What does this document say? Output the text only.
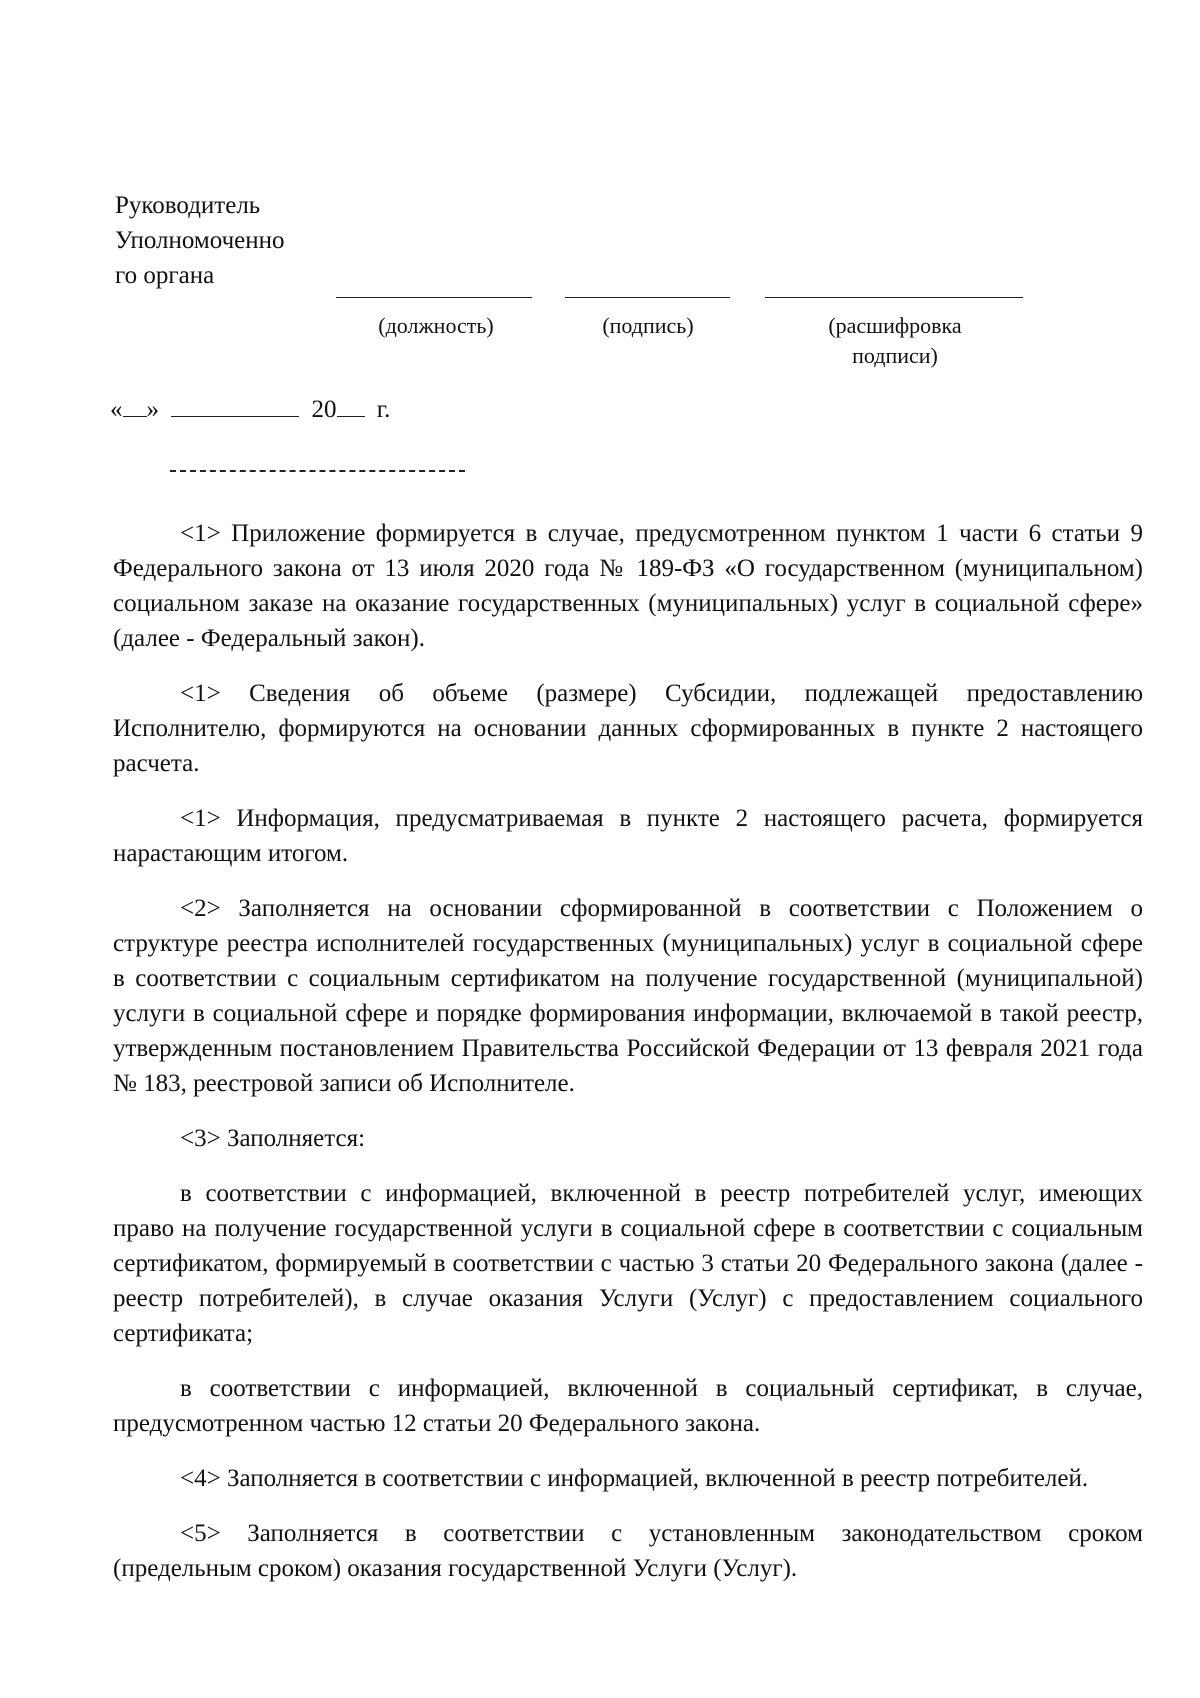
Руководитель
Уполномоченно
го органа
(должность)	(подпись)	(расшифровка
подписи)
« »	20 г.

<1> Приложение формируется в случае, предусмотренном пунктом 1 части 6 статьи 9 Федерального закона от 13 июля 2020 года № 189-ФЗ «О государственном (муниципальном) социальном заказе на оказание государственных (муниципальных) услуг в социальной сфере» (далее - Федеральный закон).

<1> Сведения об объеме (размере) Субсидии, подлежащей предоставлению Исполнителю, формируются на основании данных сформированных в пункте 2 настоящего расчета.

<1> Информация, предусматриваемая в пункте 2 настоящего расчета, формируется нарастающим итогом.

<2> Заполняется на основании сформированной в соответствии с Положением о структуре реестра исполнителей государственных (муниципальных) услуг в социальной сфере в соответствии с социальным сертификатом на получение государственной (муниципальной) услуги в социальной сфере и порядке формирования информации, включаемой в такой реестр, утвержденным постановлением Правительства Российской Федерации от 13 февраля 2021 года № 183, реестровой записи об Исполнителе.

<3> Заполняется:

в соответствии с информацией, включенной в реестр потребителей услуг, имеющих право на получение государственной услуги в социальной сфере в соответствии с социальным сертификатом, формируемый в соответствии с частью 3 статьи 20 Федерального закона (далее - реестр потребителей), в случае оказания Услуги (Услуг) с предоставлением социального сертификата;

в соответствии с информацией, включенной в социальный сертификат, в случае, предусмотренном частью 12 статьи 20 Федерального закона.

<4> Заполняется в соответствии с информацией, включенной в реестр потребителей.

<5> Заполняется в соответствии с установленным законодательством сроком (предельным сроком) оказания государственной Услуги (Услуг).
